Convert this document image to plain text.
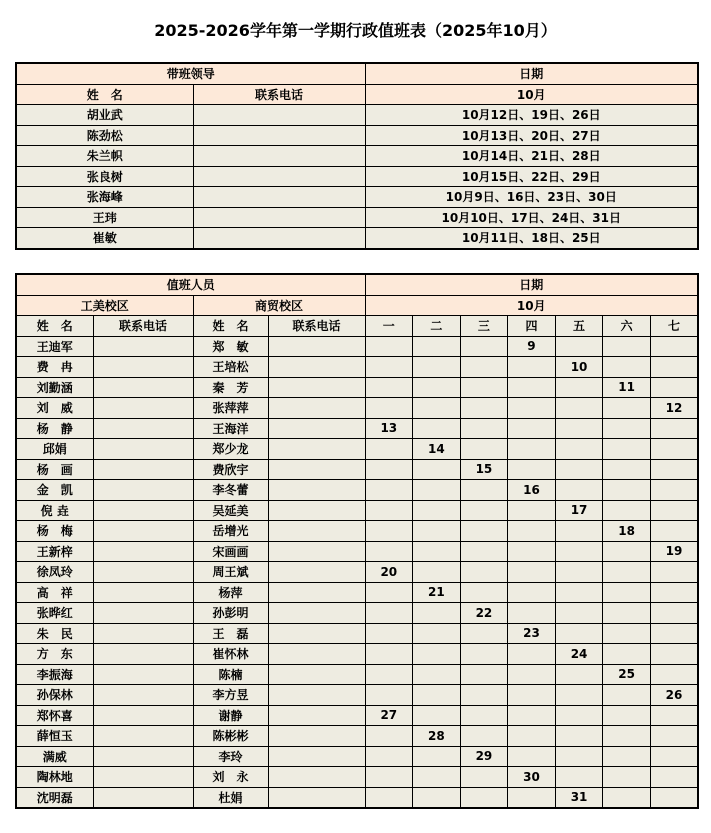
2025-2026学年第一学期行政值班表（2025年10月）
带班领导		日期
姓　名	联系电话	10月
胡业武		10月12日、19日、26日
陈劲松		10月13日、20日、27日
朱兰帜		10月14日、21日、28日
张良树		10月15日、22日、29日
张海峰		10月9日、16日、23日、30日
王玮		10月10日、17日、24日、31日
崔敏		10月11日、18日、25日
值班人员				日期						
工美校区		商贸校区		10月						
姓　名	联系电话	姓　名	联系电话	一	二	三	四	五	六	七
王迪军		郑　敏					9			
费　冉		王培松						10		
刘勤涵		秦　芳							11	
刘　威		张萍萍								12
杨　静		王海洋		13						
邱娟		郑少龙			14					
杨　画		费欣宇				15				
金　凯		李冬蕾					16			
倪 垚		吴延美						17		
杨　梅		岳增光							18	
王新梓		宋画画								19
徐凤玲		周王斌		20						
高　祥		杨萍			21					
张晔红		孙彭明				22				
朱　民		王　磊					23			
方　东		崔怀林						24		
李振海		陈楠							25	
孙保林		李方昱								26
郑怀喜		谢静		27						
薛恒玉		陈彬彬			28					
满威		李玲				29				
陶林地		刘　永					30			
沈明磊		杜娟						31		
